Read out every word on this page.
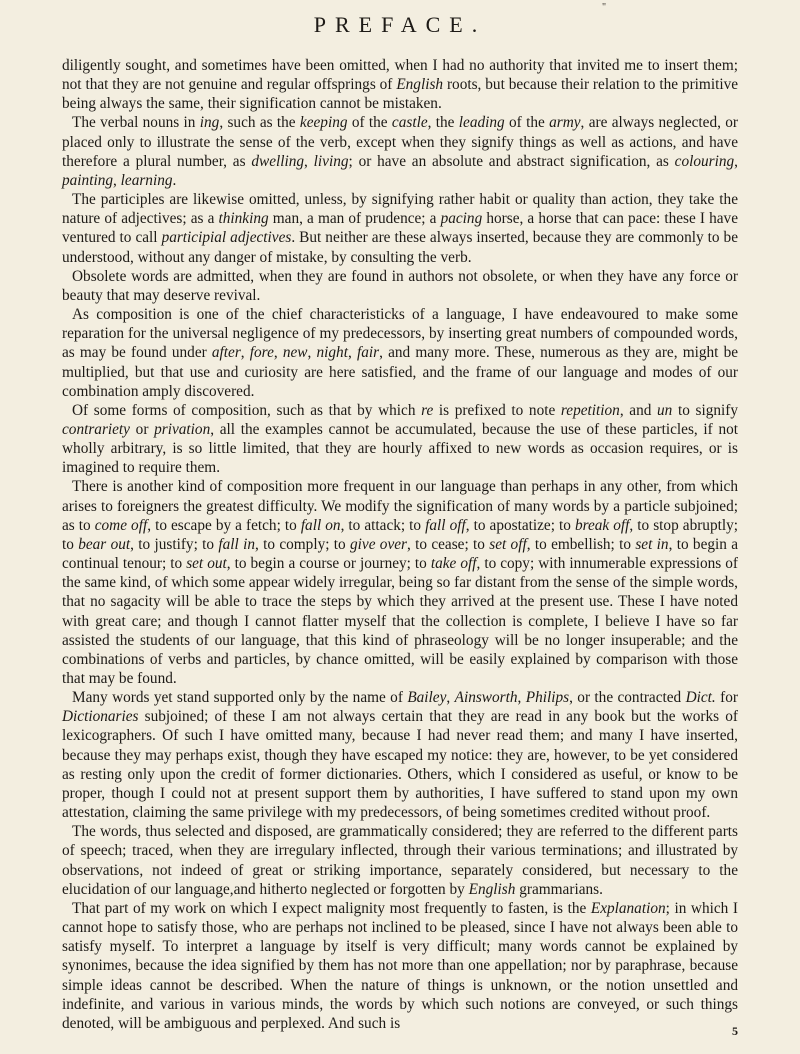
"
PREFACE.

diligently sought, and sometimes have been omitted, when I had no authority that invited me to insert them; not that they are not genuine and regular offsprings of English roots, but because their relation to the primitive being always the same, their signification cannot be mistaken.

The verbal nouns in ing, such as the keeping of the castle, the leading of the army, are always neglected, or placed only to illustrate the sense of the verb, except when they signify things as well as actions, and have therefore a plural number, as dwelling, living; or have an absolute and abstract signification, as colouring, painting, learning.

The participles are likewise omitted, unless, by signifying rather habit or quality than action, they take the nature of adjectives; as a thinking man, a man of prudence; a pacing horse, a horse that can pace: these I have ventured to call participial adjectives. But neither are these always inserted, because they are commonly to be understood, without any danger of mistake, by consulting the verb.

Obsolete words are admitted, when they are found in authors not obsolete, or when they have any force or beauty that may deserve revival.

As composition is one of the chief characteristicks of a language, I have endeavoured to make some reparation for the universal negligence of my predecessors, by inserting great numbers of compounded words, as may be found under after, fore, new, night, fair, and many more. These, numerous as they are, might be multiplied, but that use and curiosity are here satisfied, and the frame of our language and modes of our combination amply discovered.

Of some forms of composition, such as that by which re is prefixed to note repetition, and un to signify contrariety or privation, all the examples cannot be accumulated, because the use of these particles, if not wholly arbitrary, is so little limited, that they are hourly affixed to new words as occasion requires, or is imagined to require them.

There is another kind of composition more frequent in our language than perhaps in any other, from which arises to foreigners the greatest difficulty. We modify the signification of many words by a particle subjoined; as to come off, to escape by a fetch; to fall on, to attack; to fall off, to apostatize; to break off, to stop abruptly; to bear out, to justify; to fall in, to comply; to give over, to cease; to set off, to embellish; to set in, to begin a continual tenour; to set out, to begin a course or journey; to take off, to copy; with innumerable expressions of the same kind, of which some appear widely irregular, being so far distant from the sense of the simple words, that no sagacity will be able to trace the steps by which they arrived at the present use. These I have noted with great care; and though I cannot flatter myself that the collection is complete, I believe I have so far assisted the students of our language, that this kind of phraseology will be no longer insuperable; and the combinations of verbs and particles, by chance omitted, will be easily explained by comparison with those that may be found.

Many words yet stand supported only by the name of Bailey, Ainsworth, Philips, or the contracted Dict. for Dictionaries subjoined; of these I am not always certain that they are read in any book but the works of lexicographers. Of such I have omitted many, because I had never read them; and many I have inserted, because they may perhaps exist, though they have escaped my notice: they are, however, to be yet considered as resting only upon the credit of former dictionaries. Others, which I considered as useful, or know to be proper, though I could not at present support them by authorities, I have suffered to stand upon my own attestation, claiming the same privilege with my predecessors, of being sometimes credited without proof.

The words, thus selected and disposed, are grammatically considered; they are referred to the different parts of speech; traced, when they are irregulary inflected, through their various terminations; and illustrated by observations, not indeed of great or striking importance, separately considered, but necessary to the elucidation of our language,and hitherto neglected or forgotten by English grammarians.

That part of my work on which I expect malignity most frequently to fasten, is the Explanation; in which I cannot hope to satisfy those, who are perhaps not inclined to be pleased, since I have not always been able to satisfy myself. To interpret a language by itself is very difficult; many words cannot be explained by synonimes, because the idea signified by them has not more than one appellation; nor by paraphrase, because simple ideas cannot be described. When the nature of things is unknown, or the notion unsettled and indefinite, and various in various minds, the words by which such notions are conveyed, or such things denoted, will be ambiguous and perplexed. And such is	5
